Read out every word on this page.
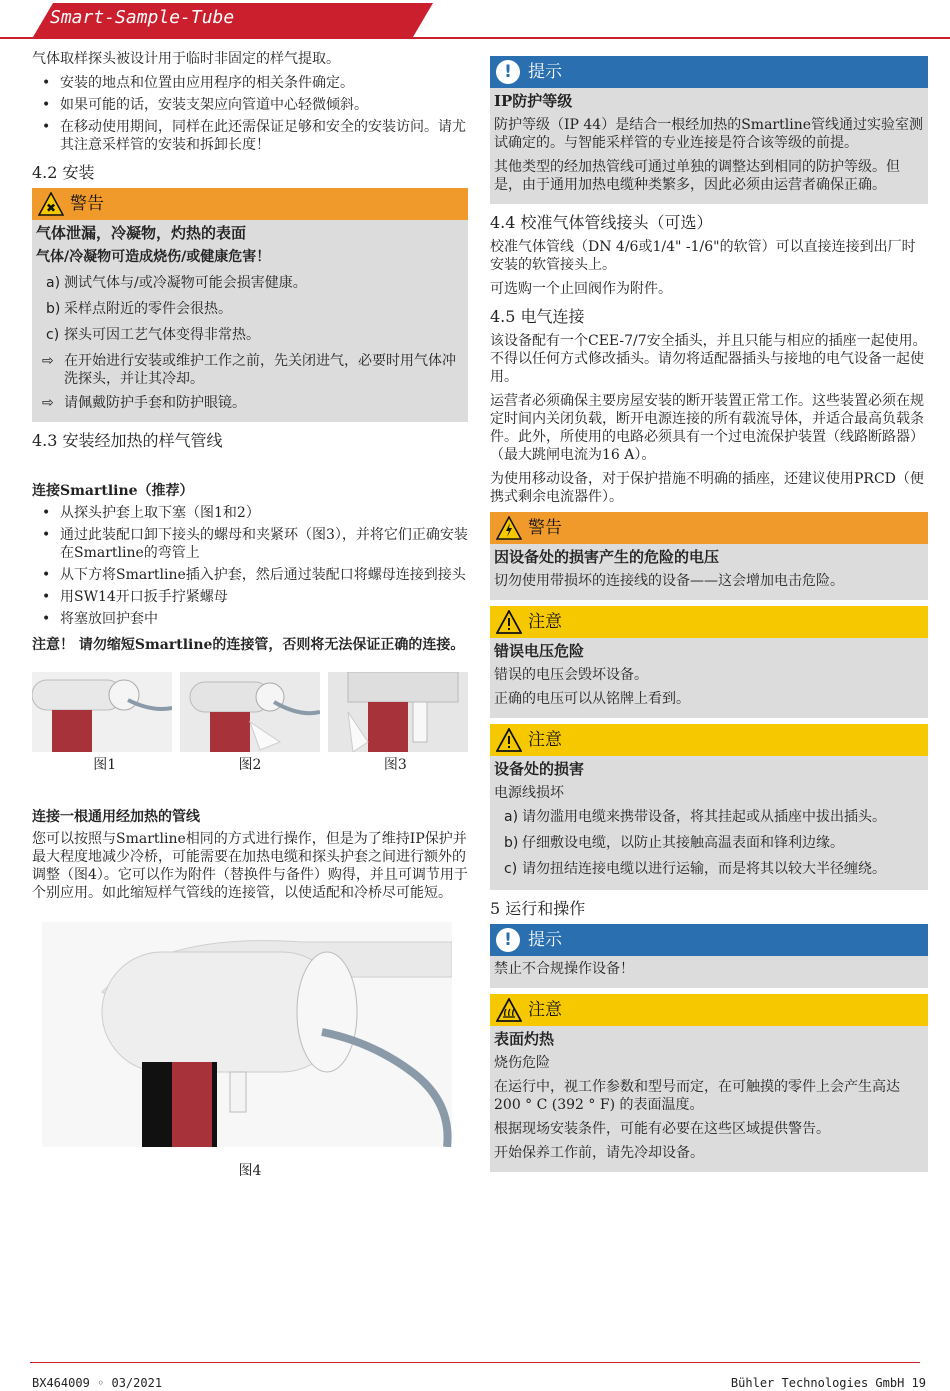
Smart-Sample-Tube

气体取样探头被设计用于临时非固定的样气提取。

• 安装的地点和位置由应用程序的相关条件确定。
• 如果可能的话，安装支架应向管道中心轻微倾斜。
• 在移动使用期间，同样在此还需保证足够和安全的安装访问。请尤其注意采样管的安装和拆卸长度！
4.2 安装
✖ 警告
气体泄漏，冷凝物，灼热的表面
气体/冷凝物可造成烧伤/或健康危害！
a) 测试气体与/或冷凝物可能会损害健康。
b) 采样点附近的零件会很热。
c) 探头可因工艺气体变得非常热。
⇨ 在开始进行安装或维护工作之前，先关闭进气，必要时用气体冲洗探头，并让其冷却。
⇨ 请佩戴防护手套和防护眼镜。
4.3 安装经加热的样气管线
连接Smartline（推荐）
• 从探头护套上取下塞（图1和2）
• 通过此装配口卸下接头的螺母和夹紧环（图3），并将它们正确安装在Smartline的弯管上
• 从下方将Smartline插入护套，然后通过装配口将螺母连接到接头
• 用SW14开口扳手拧紧螺母
• 将塞放回护套中

注意！ 请勿缩短Smartline的连接管，否则将无法保证正确的连接。

图1	图2	图3
连接一根通用经加热的管线

您可以按照与Smartline相同的方式进行操作，但是为了维持IP保护并最大程度地减少冷桥，可能需要在加热电缆和探头护套之间进行额外的调整（图4）。它可以作为附件（替换件与备件）购得，并且可调节用于个别应用。如此缩短样气管线的连接管，以使适配和冷桥尽可能短。

图4
! 提示
IP防护等级

防护等级（IP 44）是结合一根经加热的Smartline管线通过实验室测试确定的。与智能采样管的专业连接是符合该等级的前提。

其他类型的经加热管线可通过单独的调整达到相同的防护等级。但是，由于通用加热电缆种类繁多，因此必须由运营者确保正确。

4.4 校准气体管线接头（可选）

校准气体管线（DN 4/6或1/4" -1/6"的软管）可以直接连接到出厂时安装的软管接头上。

可选购一个止回阀作为附件。

4.5 电气连接

该设备配有一个CEE-7/7安全插头，并且只能与相应的插座一起使用。不得以任何方式修改插头。请勿将适配器插头与接地的电气设备一起使用。

运营者必须确保主要房屋安装的断开装置正常工作。这些装置必须在规定时间内关闭负载，断开电源连接的所有载流导体，并适合最高负载条件。此外，所使用的电路必须具有一个过电流保护装置（线路断路器）（最大跳闸电流为16 A）。

为使用移动设备，对于保护措施不明确的插座，还建议使用PRCD（便携式剩余电流器件）。

警告
因设备处的损害产生的危险的电压

切勿使用带损坏的连接线的设备——这会增加电击危险。

注意
错误电压危险

错误的电压会毁坏设备。

正确的电压可以从铭牌上看到。

注意
设备处的损害

电源线损坏

a) 请勿滥用电缆来携带设备，将其挂起或从插座中拔出插头。
b) 仔细敷设电缆，以防止其接触高温表面和锋利边缘。
c) 请勿扭结连接电缆以进行运输，而是将其以较大半径缠绕。
5 运行和操作
! 提示

禁止不合规操作设备！

注意
表面灼热

烧伤危险

在运行中，视工作参数和型号而定，在可触摸的零件上会产生高达200 ° C (392 ° F) 的表面温度。

根据现场安装条件，可能有必要在这些区域提供警告。

开始保养工作前，请先冷却设备。

BX464009 ◦ 03/2021	Bühler Technologies GmbH 19
